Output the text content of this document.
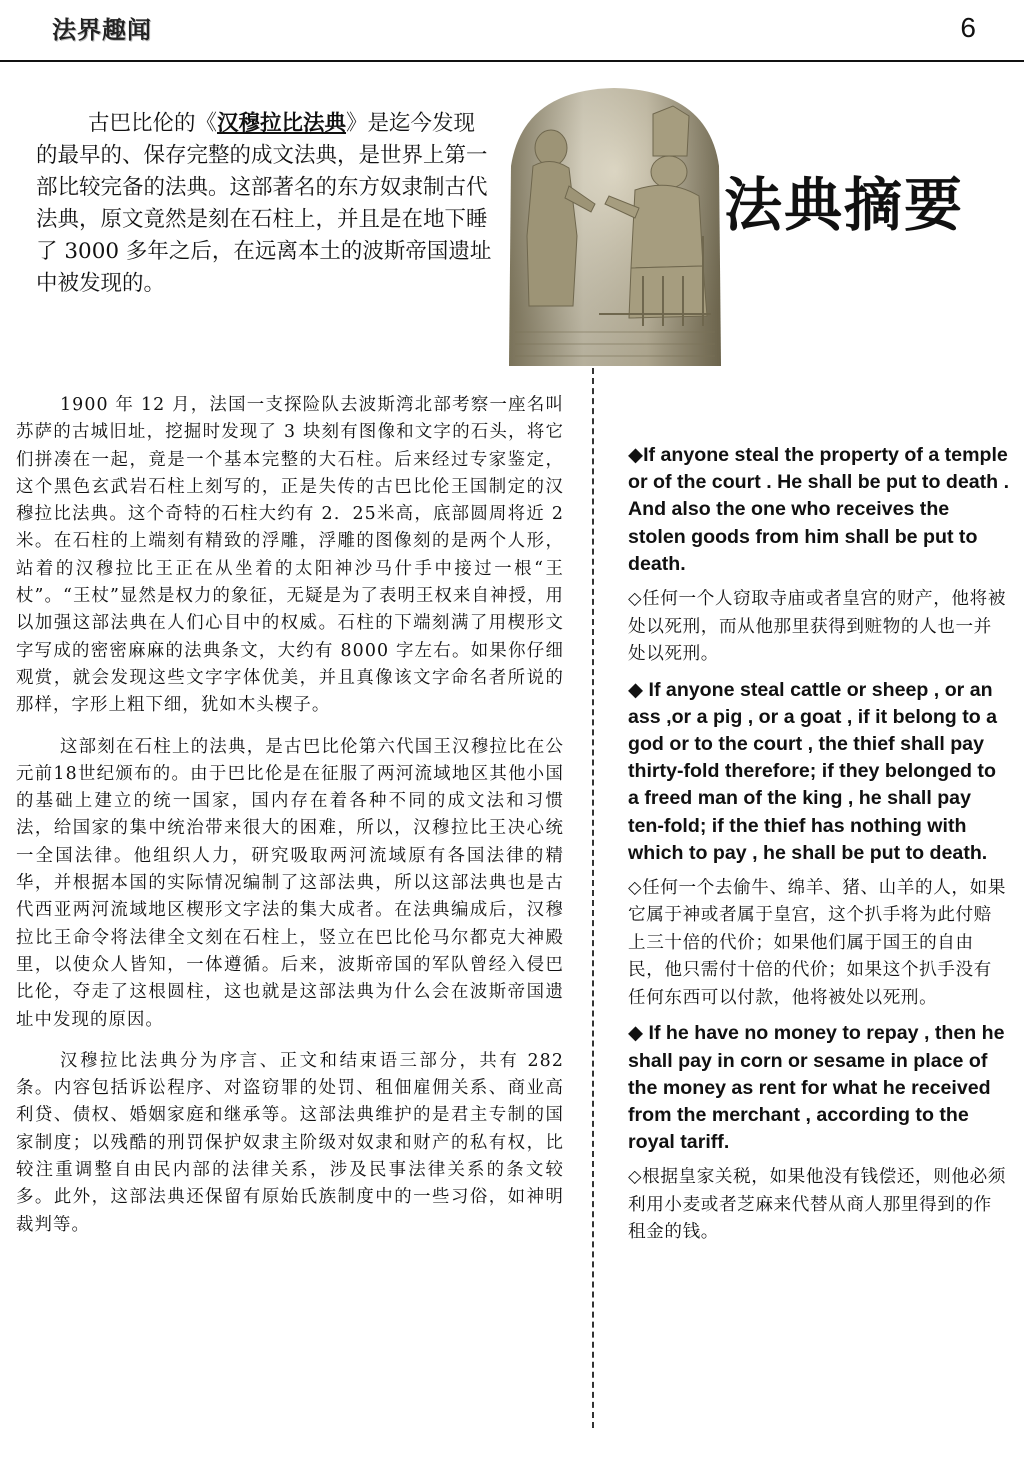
法界趣闻	6
古巴比伦的《汉穆拉比法典》是迄今发现的最早的、保存完整的成文法典，是世界上第一部比较完备的法典。这部著名的东方奴隶制古代法典，原文竟然是刻在石柱上，并且是在地下睡了 3000 多年之后，在远离本土的波斯帝国遗址中被发现的。
法典摘要

1900 年 12 月，法国一支探险队去波斯湾北部考察一座名叫苏萨的古城旧址，挖掘时发现了 3 块刻有图像和文字的石头，将它们拼凑在一起，竟是一个基本完整的大石柱。后来经过专家鉴定，这个黑色玄武岩石柱上刻写的，正是失传的古巴比伦王国制定的汉穆拉比法典。这个奇特的石柱大约有 2．25米高，底部圆周将近 2 米。在石柱的上端刻有精致的浮雕，浮雕的图像刻的是两个人形，站着的汉穆拉比王正在从坐着的太阳神沙马什手中接过一根“王杖”。“王杖”显然是权力的象征，无疑是为了表明王权来自神授，用以加强这部法典在人们心目中的权威。石柱的下端刻满了用楔形文字写成的密密麻麻的法典条文，大约有 8000 字左右。如果你仔细观赏，就会发现这些文字字体优美，并且真像该文字命名者所说的那样，字形上粗下细，犹如木头楔子。

这部刻在石柱上的法典，是古巴比伦第六代国王汉穆拉比在公元前18世纪颁布的。由于巴比伦是在征服了两河流域地区其他小国的基础上建立的统一国家，国内存在着各种不同的成文法和习惯法，给国家的集中统治带来很大的困难，所以，汉穆拉比王决心统一全国法律。他组织人力，研究吸取两河流域原有各国法律的精华，并根据本国的实际情况编制了这部法典，所以这部法典也是古代西亚两河流域地区楔形文字法的集大成者。在法典编成后，汉穆拉比王命令将法律全文刻在石柱上，竖立在巴比伦马尔都克大神殿里，以使众人皆知，一体遵循。后来，波斯帝国的军队曾经入侵巴比伦，夺走了这根圆柱，这也就是这部法典为什么会在波斯帝国遗址中发现的原因。

汉穆拉比法典分为序言、正文和结束语三部分，共有 282 条。内容包括诉讼程序、对盗窃罪的处罚、租佃雇佣关系、商业高利贷、债权、婚姻家庭和继承等。这部法典维护的是君主专制的国家制度；以残酷的刑罚保护奴隶主阶级对奴隶和财产的私有权，比较注重调整自由民内部的法律关系，涉及民事法律关系的条文较多。此外，这部法典还保留有原始氏族制度中的一些习俗，如神明裁判等。

◆If anyone steal the property of a temple or of the court . He shall be put to death . And also the one who receives the stolen goods from him shall be put to death.

◇任何一个人窃取寺庙或者皇宫的财产，他将被处以死刑，而从他那里获得到赃物的人也一并处以死刑。

◆ If anyone steal cattle or sheep , or an ass ,or a pig , or a goat , if it belong to a god or to the court , the thief shall pay thirty-fold therefore; if they belonged to a freed man of the king , he shall pay ten-fold; if the thief has nothing with which to pay , he shall be put to death.

◇任何一个去偷牛、绵羊、猪、山羊的人，如果它属于神或者属于皇宫，这个扒手将为此付赔上三十倍的代价；如果他们属于国王的自由民，他只需付十倍的代价；如果这个扒手没有任何东西可以付款，他将被处以死刑。

◆ If he have no money to repay , then he shall pay in corn or sesame in place of the money as rent for what he received from the merchant , according to the royal tariff.

◇根据皇家关税，如果他没有钱偿还，则他必须利用小麦或者芝麻来代替从商人那里得到的作租金的钱。
